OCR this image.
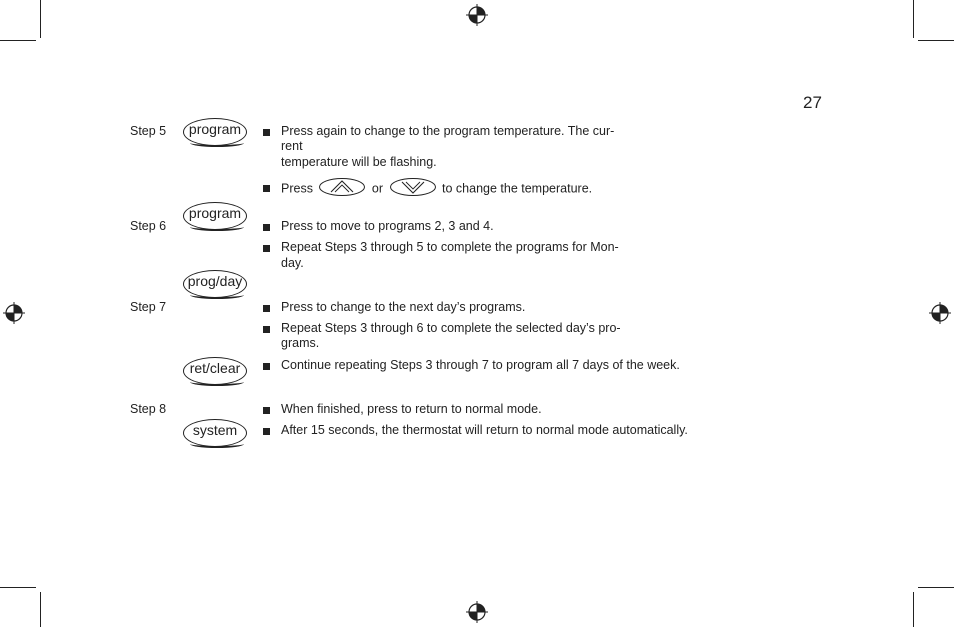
27
Step 5
Step 6
Step 7
Step 8
program
program
prog/day
ret/clear
system
Press again to change to the program temperature. The cur-
rent
temperature will be flashing.
Press	or	to change the temperature.
Press to move to programs 2, 3 and 4.
Repeat Steps 3 through 5 to complete the programs for Mon-
day.
Press to change to the next day’s programs.
Repeat Steps 3 through 6 to complete the selected day’s pro-
grams.
Continue repeating Steps 3 through 7 to program all 7 days of the week.
When finished, press to return to normal mode.
After 15 seconds, the thermostat will return to normal mode automatically.
